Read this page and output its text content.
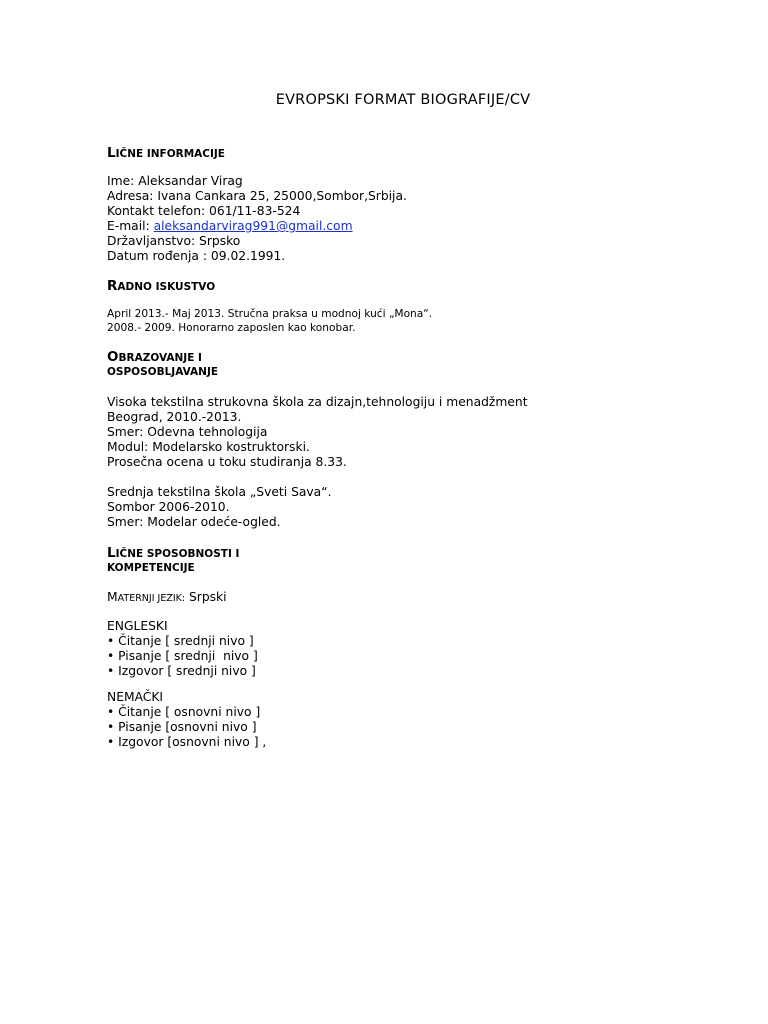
EVROPSKI FORMAT BIOGRAFIJE/CV
LIČNE INFORMACIJE
Ime: Aleksandar Virag
Adresa: Ivana Cankara 25, 25000,Sombor,Srbija.
Kontakt telefon: 061/11-83-524
E-mail: aleksandarvirag991@gmail.com
Državljanstvo: Srpsko
Datum rođenja : 09.02.1991.
RADNO ISKUSTVO
April 2013.- Maj 2013. Stručna praksa u modnoj kući „Mona“.
2008.- 2009. Honorarno zaposlen kao konobar.
OBRAZOVANJE I
OSPOSOBLJAVANJE
Visoka tekstilna strukovna škola za dizajn,tehnologiju i menadžment
Beograd, 2010.-2013.
Smer: Odevna tehnologija
Modul: Modelarsko kostruktorski.
Prosečna ocena u toku studiranja 8.33.
Srednja tekstilna škola „Sveti Sava“.
Sombor 2006-2010.
Smer: Modelar odeće-ogled.
LIČNE SPOSOBNOSTI I
KOMPETENCIJE
MATERNJI JEZIK: Srpski
ENGLESKI
• Čitanje [ srednji nivo ]
• Pisanje [ srednji  nivo ]
• Izgovor [ srednji nivo ]
NEMAČKI
• Čitanje [ osnovni nivo ]
• Pisanje [osnovni nivo ]
• Izgovor [osnovni nivo ] ,
